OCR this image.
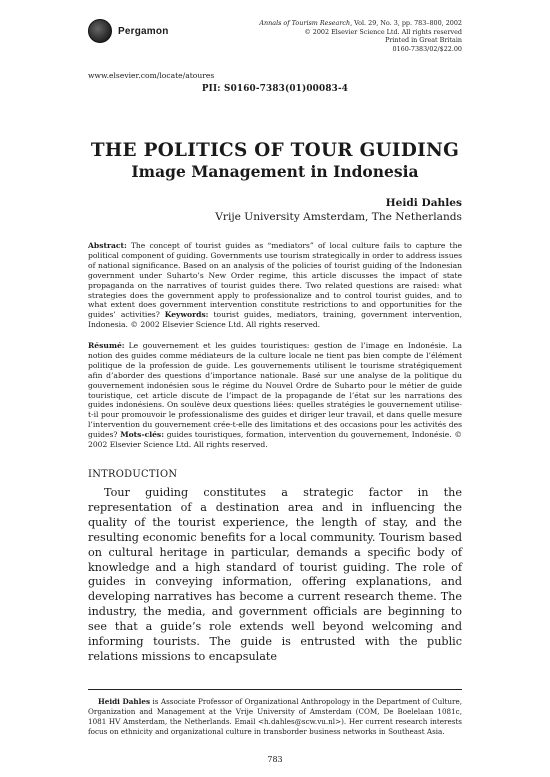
Pergamon
www.elsevier.com/locate/atoures
Annals of Tourism Research, Vol. 29, No. 3, pp. 783–800, 2002
© 2002 Elsevier Science Ltd. All rights reserved
Printed in Great Britain
0160-7383/02/$22.00
PII: S0160-7383(01)00083-4
THE POLITICS OF TOUR GUIDING
Image Management in Indonesia
Heidi Dahles
Vrije University Amsterdam, The Netherlands
Abstract: The concept of tourist guides as “mediators” of local culture fails to capture the political component of guiding. Governments use tourism strategically in order to address issues of national significance. Based on an analysis of the policies of tourist guiding of the Indonesian government under Suharto’s New Order regime, this article discusses the impact of state propaganda on the narratives of tourist guides there. Two related questions are raised: what strategies does the government apply to professionalize and to control tourist guides, and to what extent does government intervention constitute restrictions to and opportunities for the guides’ activities? Keywords: tourist guides, mediators, training, government intervention, Indonesia. © 2002 Elsevier Science Ltd. All rights reserved.
Résumé: Le gouvernement et les guides touristiques: gestion de l’image en Indonésie. La notion des guides comme médiateurs de la culture locale ne tient pas bien compte de l’élément politique de la profession de guide. Les gouvernements utilisent le tourisme stratégiquement afin d’aborder des questions d’importance nationale. Basé sur une analyse de la politique du gouvernement indonésien sous le régime du Nouvel Ordre de Suharto pour le métier de guide touristique, cet article discute de l’impact de la propagande de l’état sur les narrations des guides indonésiens. On soulève deux questions liées: quelles stratégies le gouvernement utilise-t-il pour promouvoir le professionalisme des guides et diriger leur travail, et dans quelle mesure l’intervention du gouvernement crée-t-elle des limitations et des occasions pour les activités des guides? Mots-clés: guides touristiques, formation, intervention du gouvernement, Indonésie. © 2002 Elsevier Science Ltd. All rights reserved.
INTRODUCTION
Tour guiding constitutes a strategic factor in the representation of a destination area and in influencing the quality of the tourist experience, the length of stay, and the resulting economic benefits for a local community. Tourism based on cultural heritage in particular, demands a specific body of knowledge and a high standard of tourist guiding. The role of guides in conveying information, offering explanations, and developing narratives has become a current research theme. The industry, the media, and government officials are beginning to see that a guide’s role extends well beyond welcoming and informing tourists. The guide is entrusted with the public relations missions to encapsulate
Heidi Dahles is Associate Professor of Organizational Anthropology in the Department of Culture, Organization and Management at the Vrije University of Amsterdam (COM, De Boelelaan 1081c, 1081 HV Amsterdam, the Netherlands. Email <h.dahles@scw.vu.nl>). Her current research interests focus on ethnicity and organizational culture in transborder business networks in Southeast Asia.
783
